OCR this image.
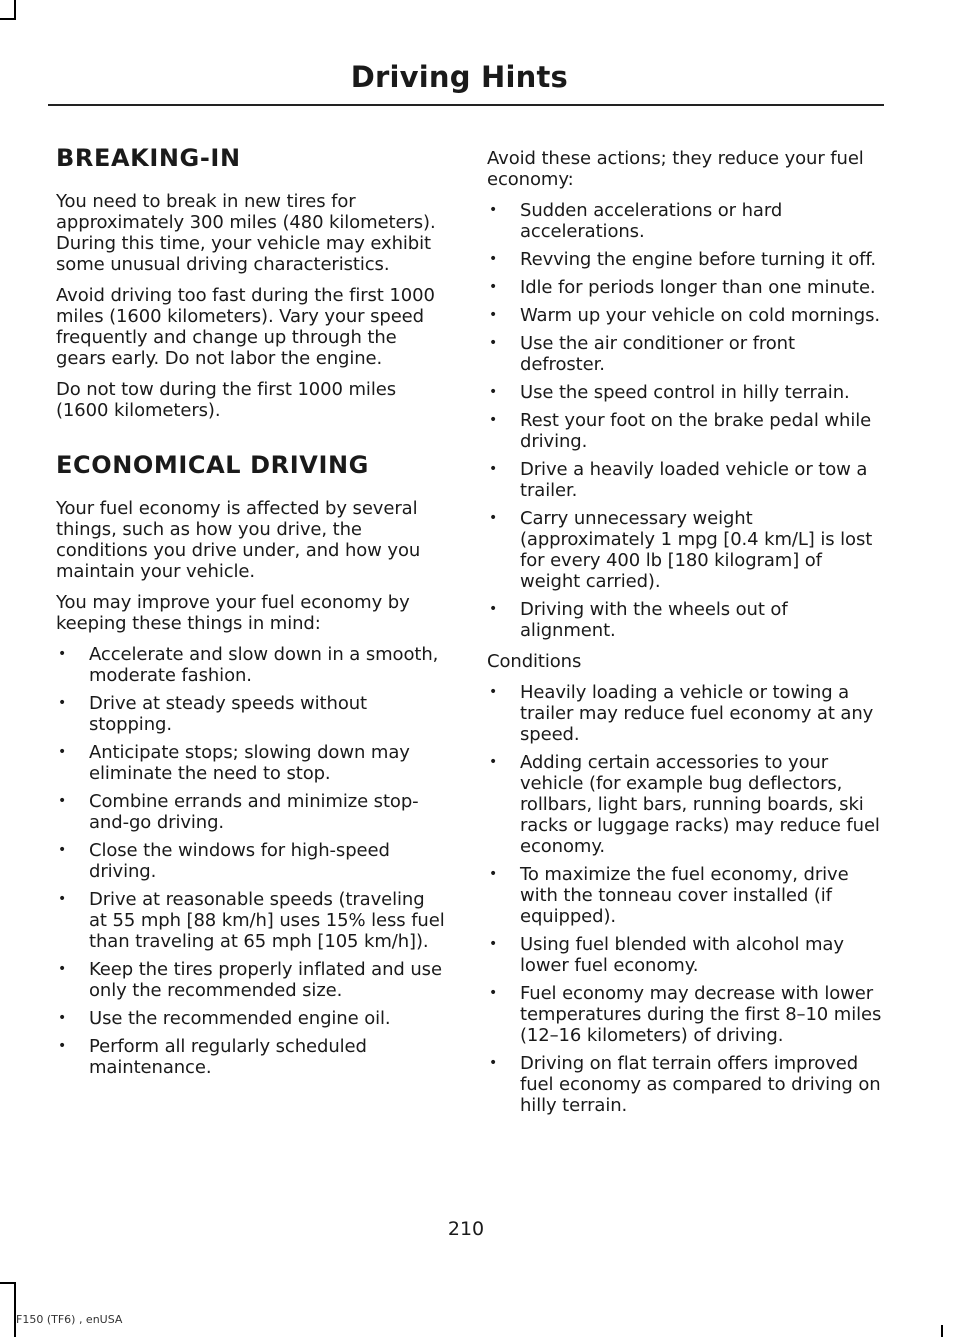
Driving Hints
BREAKING-IN

You need to break in new tires for approximately 300 miles (480 kilometers). During this time, your vehicle may exhibit some unusual driving characteristics.

Avoid driving too fast during the first 1000 miles (1600 kilometers). Vary your speed frequently and change up through the gears early. Do not labor the engine.

Do not tow during the first 1000 miles (1600 kilometers).

ECONOMICAL DRIVING

Your fuel economy is affected by several things, such as how you drive, the conditions you drive under, and how you maintain your vehicle.

You may improve your fuel economy by keeping these things in mind:

• Accelerate and slow down in a smooth, moderate fashion.
• Drive at steady speeds without stopping.
• Anticipate stops; slowing down may eliminate the need to stop.
• Combine errands and minimize stop-and-go driving.
• Close the windows for high-speed driving.
• Drive at reasonable speeds (traveling at 55 mph [88 km/h] uses 15% less fuel than traveling at 65 mph [105 km/h]).
• Keep the tires properly inflated and use only the recommended size.
• Use the recommended engine oil.
• Perform all regularly scheduled maintenance.

Avoid these actions; they reduce your fuel economy:

• Sudden accelerations or hard accelerations.
• Revving the engine before turning it off.
• Idle for periods longer than one minute.
• Warm up your vehicle on cold mornings.
• Use the air conditioner or front defroster.
• Use the speed control in hilly terrain.
• Rest your foot on the brake pedal while driving.
• Drive a heavily loaded vehicle or tow a trailer.
• Carry unnecessary weight (approximately 1 mpg [0.4 km/L] is lost for every 400 lb [180 kilogram] of weight carried).
• Driving with the wheels out of alignment.

Conditions

• Heavily loading a vehicle or towing a trailer may reduce fuel economy at any speed.
• Adding certain accessories to your vehicle (for example bug deflectors, rollbars, light bars, running boards, ski racks or luggage racks) may reduce fuel economy.
• To maximize the fuel economy, drive with the tonneau cover installed (if equipped).
• Using fuel blended with alcohol may lower fuel economy.
• Fuel economy may decrease with lower temperatures during the first 8–10 miles (12–16 kilometers) of driving.
• Driving on flat terrain offers improved fuel economy as compared to driving on hilly terrain.
210
F150 (TF6) , enUSA
